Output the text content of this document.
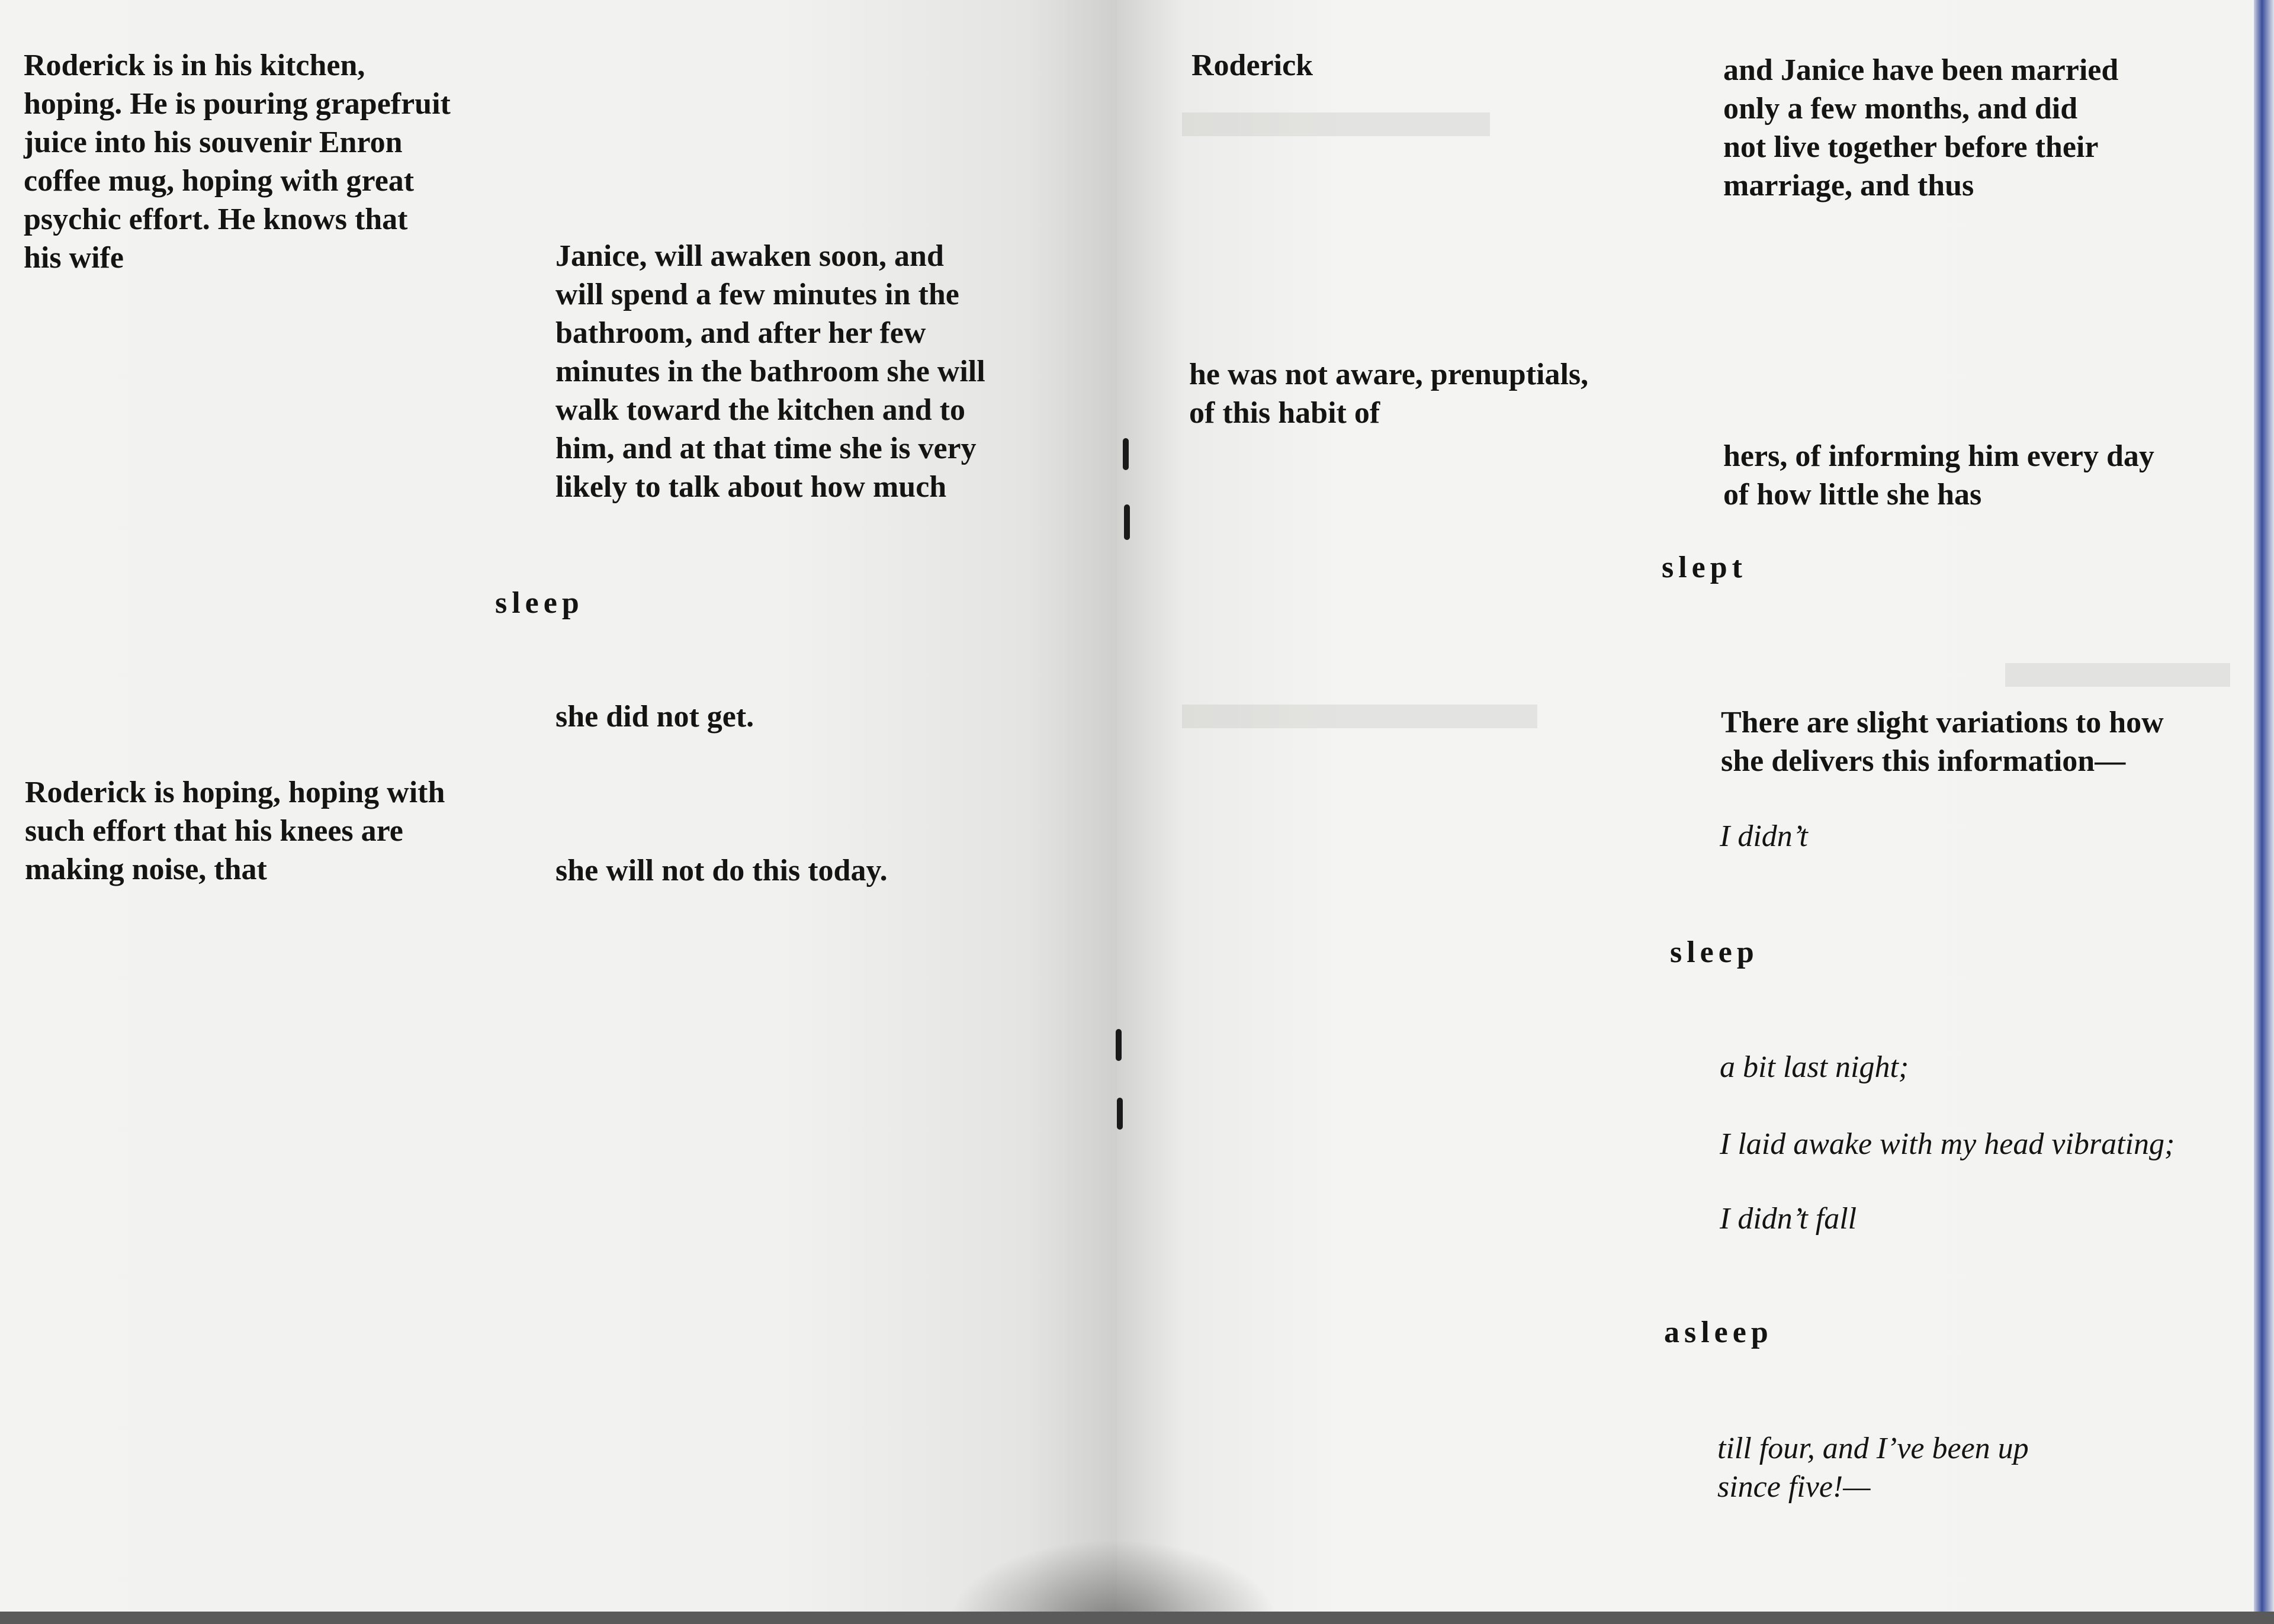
Roderick is in his kitchen,
hoping. He is pouring grapefruit
juice into his souvenir Enron
coffee mug, hoping with great
psychic effort. He knows that
his wife	Janice, will awaken soon, and
will spend a few minutes in the
bathroom, and after her few
minutes in the bathroom she will
walk toward the kitchen and to
him, and at that time she is very
likely to talk about how much

sleep

she did not get.

Roderick is hoping, hoping with
such effort that his knees are
making noise, that	she will not do this today.

Roderick	and Janice have been married
only a few months, and did
not live together before their
marriage, and thus

he was not aware, prenuptials,
of this habit of

hers, of informing him every day
of how little she has

slept

There are slight variations to how
she delivers this information—

I didn’t

sleep

a bit last night;

I laid awake with my head vibrating;

I didn’t fall

asleep

till four, and I’ve been up
since five!—
